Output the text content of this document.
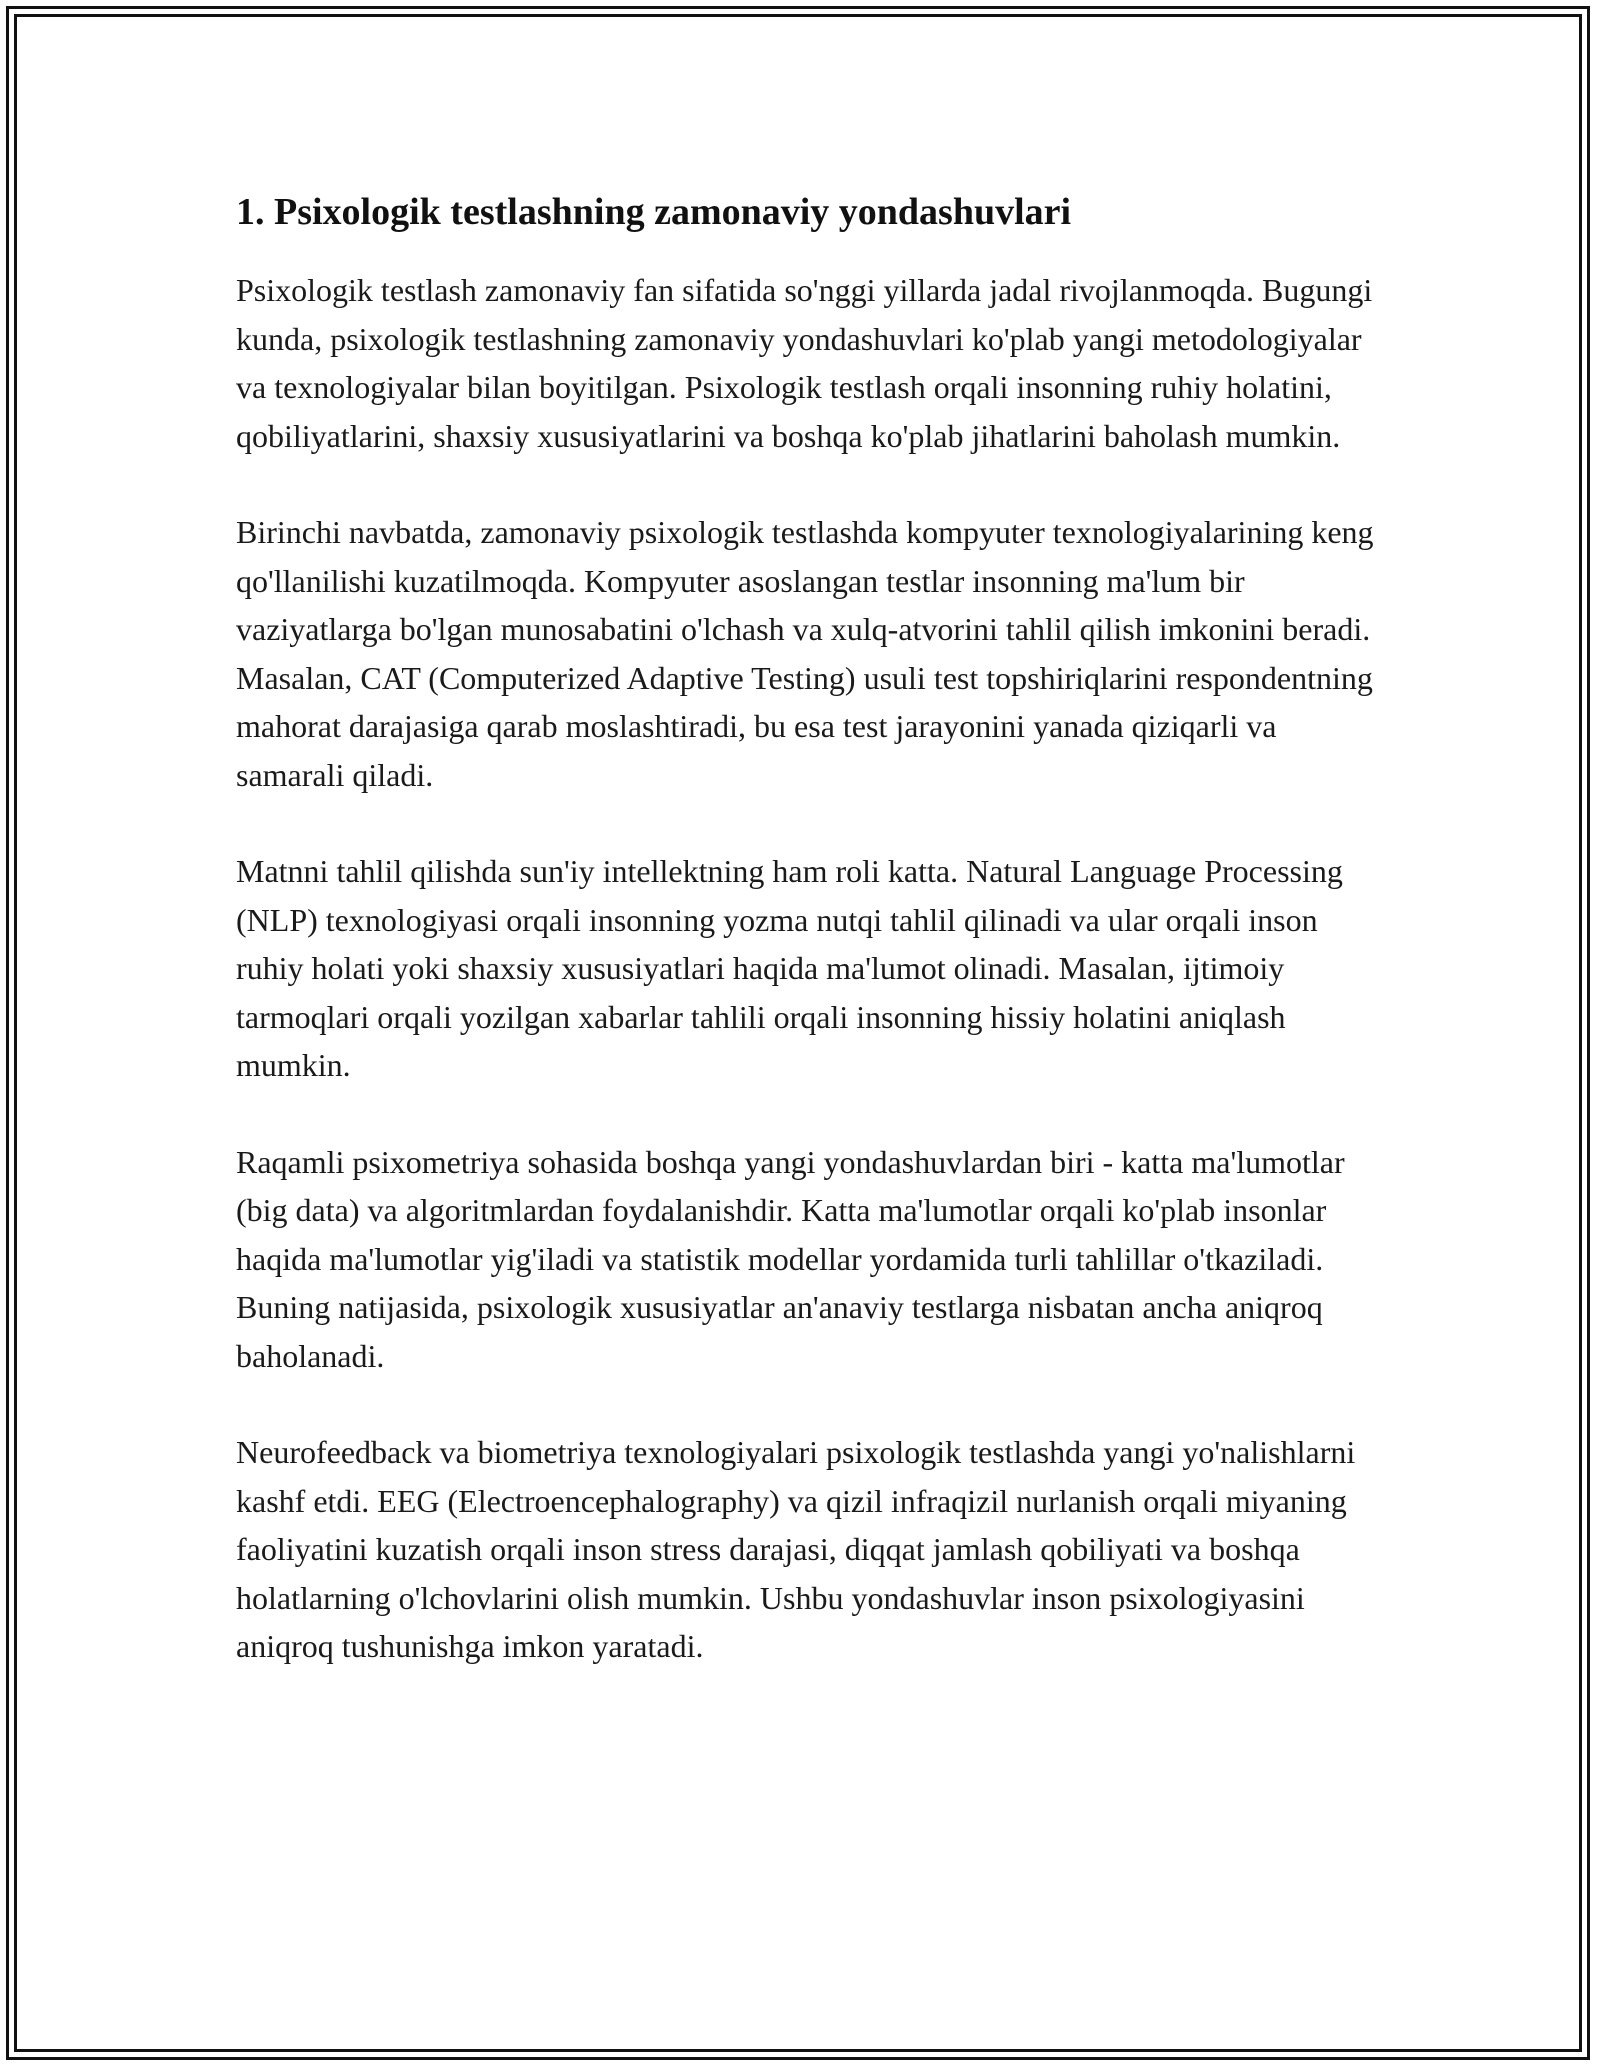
1. Psixologik testlashning zamonaviy yondashuvlari

Psixologik testlash zamonaviy fan sifatida so'nggi yillarda jadal rivojlanmoqda. Bugungi kunda, psixologik testlashning zamonaviy yondashuvlari ko'plab yangi metodologiyalar va texnologiyalar bilan boyitilgan. Psixologik testlash orqali insonning ruhiy holatini, qobiliyatlarini, shaxsiy xususiyatlarini va boshqa ko'plab jihatlarini baholash mumkin.

Birinchi navbatda, zamonaviy psixologik testlashda kompyuter texnologiyalarining keng qo'llanilishi kuzatilmoqda. Kompyuter asoslangan testlar insonning ma'lum bir vaziyatlarga bo'lgan munosabatini o'lchash va xulq-atvorini tahlil qilish imkonini beradi. Masalan, CAT (Computerized Adaptive Testing) usuli test topshiriqlarini respondentning mahorat darajasiga qarab moslashtiradi, bu esa test jarayonini yanada qiziqarli va samarali qiladi.

Matnni tahlil qilishda sun'iy intellektning ham roli katta. Natural Language Processing (NLP) texnologiyasi orqali insonning yozma nutqi tahlil qilinadi va ular orqali inson ruhiy holati yoki shaxsiy xususiyatlari haqida ma'lumot olinadi. Masalan, ijtimoiy tarmoqlari orqali yozilgan xabarlar tahlili orqali insonning hissiy holatini aniqlash mumkin.

Raqamli psixometriya sohasida boshqa yangi yondashuvlardan biri - katta ma'lumotlar (big data) va algoritmlardan foydalanishdir. Katta ma'lumotlar orqali ko'plab insonlar haqida ma'lumotlar yig'iladi va statistik modellar yordamida turli tahlillar o'tkaziladi. Buning natijasida, psixologik xususiyatlar an'anaviy testlarga nisbatan ancha aniqroq baholanadi.

Neurofeedback va biometriya texnologiyalari psixologik testlashda yangi yo'nalishlarni kashf etdi. EEG (Electroencephalography) va qizil infraqizil nurlanish orqali miyaning faoliyatini kuzatish orqali inson stress darajasi, diqqat jamlash qobiliyati va boshqa holatlarning o'lchovlarini olish mumkin. Ushbu yondashuvlar inson psixologiyasini aniqroq tushunishga imkon yaratadi.
